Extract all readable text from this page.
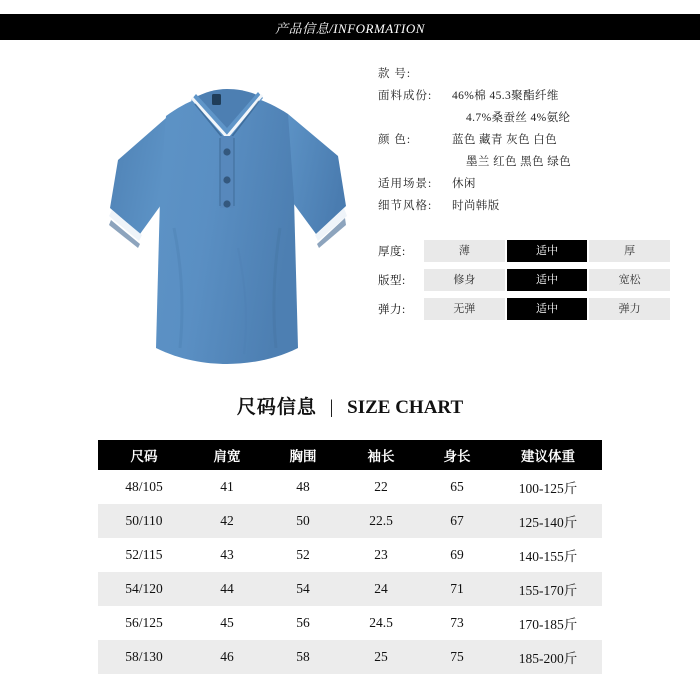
产品信息/INFORMATION
款 号:
面料成份:	46%棉 45.3聚酯纤维
4.7%桑蚕丝 4%氨纶
颜 色:	蓝色 藏青 灰色 白色
墨兰 红色 黑色 绿色
适用场景:	休闲
细节风格:	时尚韩版
厚度:	薄	适中	厚
版型:	修身	适中	宽松
弹力:	无弹	适中	弹力
尺码信息 | SIZE CHART
尺码	肩宽	胸围	袖长	身长	建议体重
48/105	41	48	22	65	100-125斤
50/110	42	50	22.5	67	125-140斤
52/115	43	52	23	69	140-155斤
54/120	44	54	24	71	155-170斤
56/125	45	56	24.5	73	170-185斤
58/130	46	58	25	75	185-200斤
